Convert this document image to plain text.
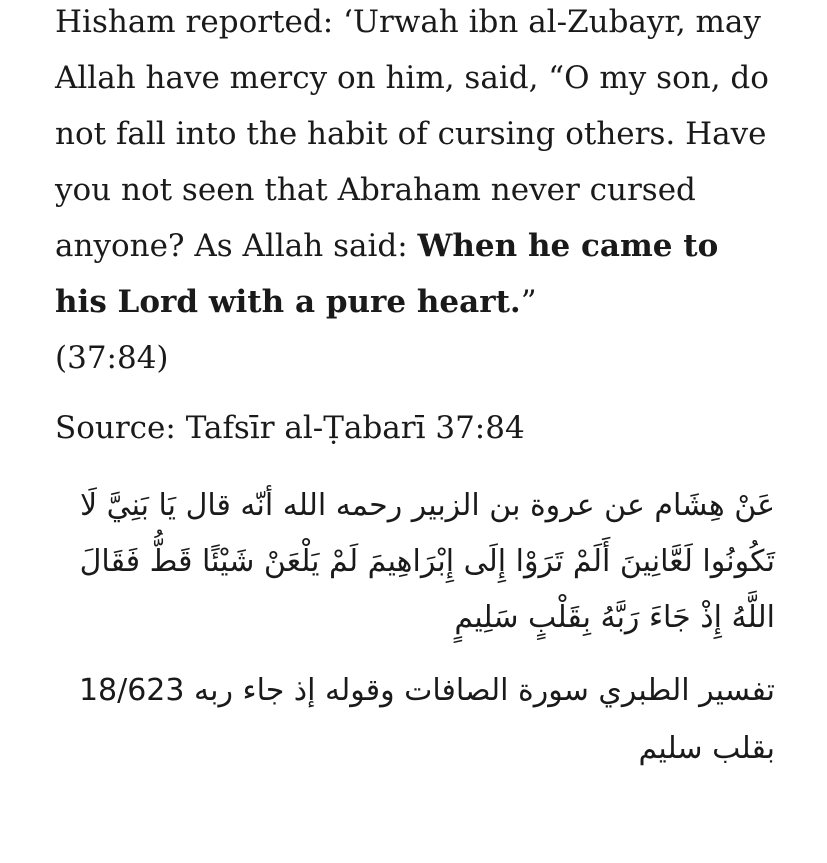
Hisham reported: ‘Urwah ibn al-Zubayr, may Allah have mercy on him, said, “O my son, do not fall into the habit of cursing others. Have you not seen that Abraham never cursed anyone? As Allah said: When he came to his Lord with a pure heart.”
(37:84)

Source: Tafsīr al-Ṭabarī 37:84

عَنْ هِشَام عن عروة بن الزبير رحمه الله أنّه قال يَا بَنِيَّ لَا تَكُونُوا لَعَّانِينَ أَلَمْ تَرَوْا إِلَى إِبْرَاهِيمَ لَمْ يَلْعَنْ شَيْئًا قَطُّ فَقَالَ اللَّهُ إِذْ جَاءَ رَبَّهُ بِقَلْبٍ سَلِيمٍ

تفسير الطبري سورة الصافات وقوله إذ جاء ربه 18/623 بقلب سليم
